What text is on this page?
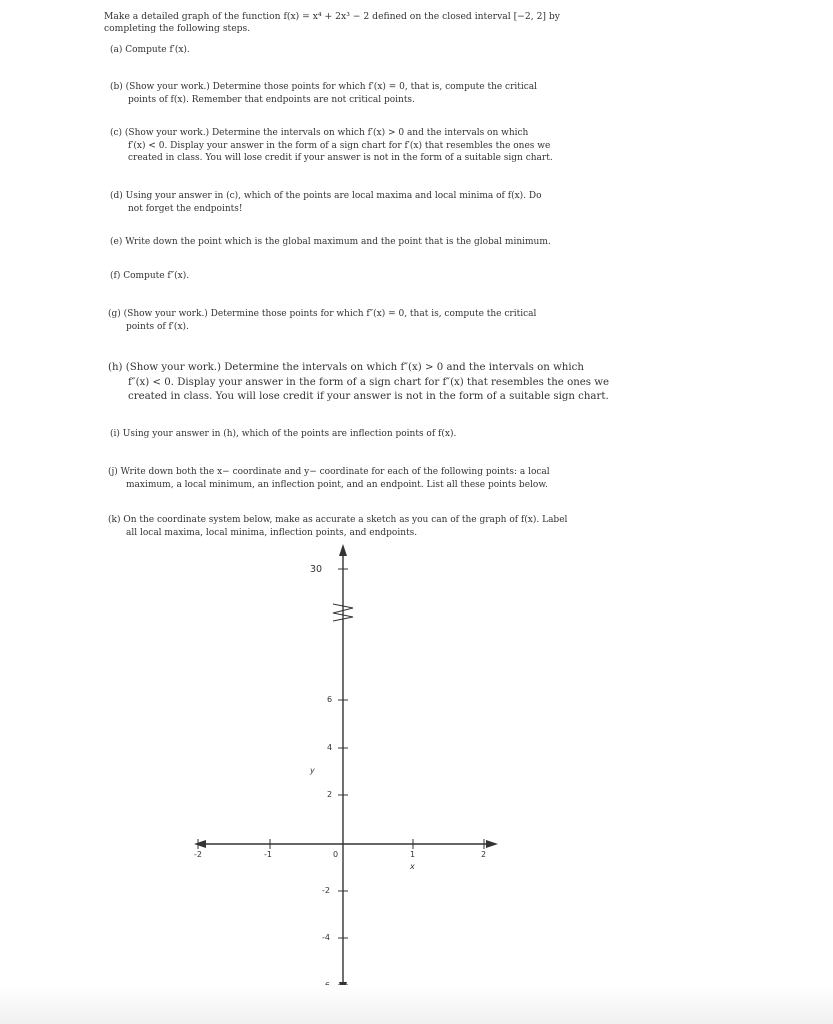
Make a detailed graph of the function f(x) = x⁴ + 2x³ − 2 defined on the closed interval [−2, 2] by
completing the following steps.
(a) Compute f′(x).
(b) (Show your work.) Determine those points for which f′(x) = 0, that is, compute the critical
points of f(x). Remember that endpoints are not critical points.
(c) (Show your work.) Determine the intervals on which f′(x) > 0 and the intervals on which
f′(x) < 0. Display your answer in the form of a sign chart for f′(x) that resembles the ones we
created in class. You will lose credit if your answer is not in the form of a suitable sign chart.
(d) Using your answer in (c), which of the points are local maxima and local minima of f(x). Do
not forget the endpoints!
(e) Write down the point which is the global maximum and the point that is the global minimum.
(f) Compute f″(x).
(g) (Show your work.) Determine those points for which f″(x) = 0, that is, compute the critical
points of f′(x).
(h) (Show your work.) Determine the intervals on which f″(x) > 0 and the intervals on which
f″(x) < 0. Display your answer in the form of a sign chart for f″(x) that resembles the ones we
created in class. You will lose credit if your answer is not in the form of a suitable sign chart.
(i) Using your answer in (h), which of the points are inflection points of f(x).
(j) Write down both the x− coordinate and y− coordinate for each of the following points: a local
maximum, a local minimum, an inflection point, and an endpoint. List all these points below.
(k) On the coordinate system below, make as accurate a sketch as you can of the graph of f(x). Label
all local maxima, local minima, inflection points, and endpoints.
30
6
4
2
-2
-4
y
-2	-1	0	1	2
x
